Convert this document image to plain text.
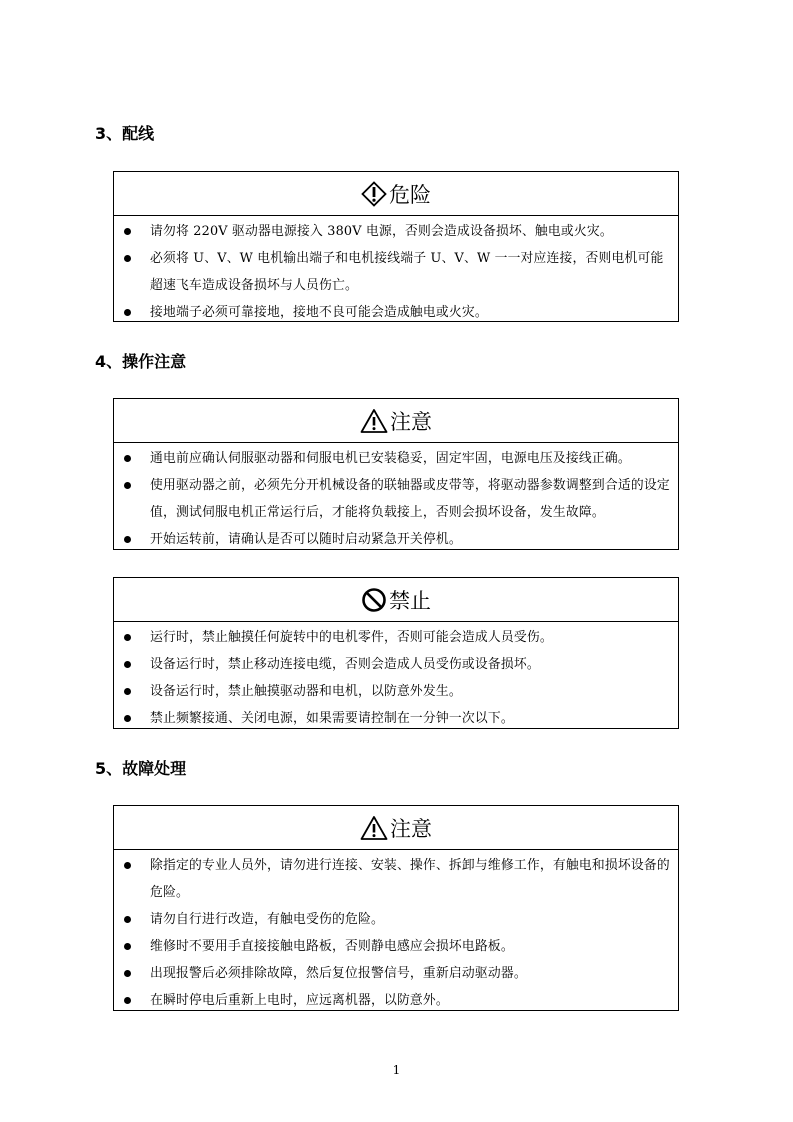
3、配线
危险
请勿将 220V 驱动器电源接入 380V 电源，否则会造成设备损坏、触电或火灾。
必须将 U、V、W 电机输出端子和电机接线端子 U、V、W 一一对应连接，否则电机可能超速飞车造成设备损坏与人员伤亡。
接地端子必须可靠接地，接地不良可能会造成触电或火灾。
4、操作注意
注意
通电前应确认伺服驱动器和伺服电机已安装稳妥，固定牢固，电源电压及接线正确。
使用驱动器之前，必须先分开机械设备的联轴器或皮带等，将驱动器参数调整到合适的设定值，测试伺服电机正常运行后，才能将负载接上，否则会损坏设备，发生故障。
开始运转前，请确认是否可以随时启动紧急开关停机。
禁止
运行时，禁止触摸任何旋转中的电机零件，否则可能会造成人员受伤。
设备运行时，禁止移动连接电缆，否则会造成人员受伤或设备损坏。
设备运行时，禁止触摸驱动器和电机，以防意外发生。
禁止频繁接通、关闭电源，如果需要请控制在一分钟一次以下。
5、故障处理
注意
除指定的专业人员外，请勿进行连接、安装、操作、拆卸与维修工作，有触电和损坏设备的危险。
请勿自行进行改造，有触电受伤的危险。
维修时不要用手直接接触电路板，否则静电感应会损坏电路板。
出现报警后必须排除故障，然后复位报警信号，重新启动驱动器。
在瞬时停电后重新上电时，应远离机器，以防意外。
1
